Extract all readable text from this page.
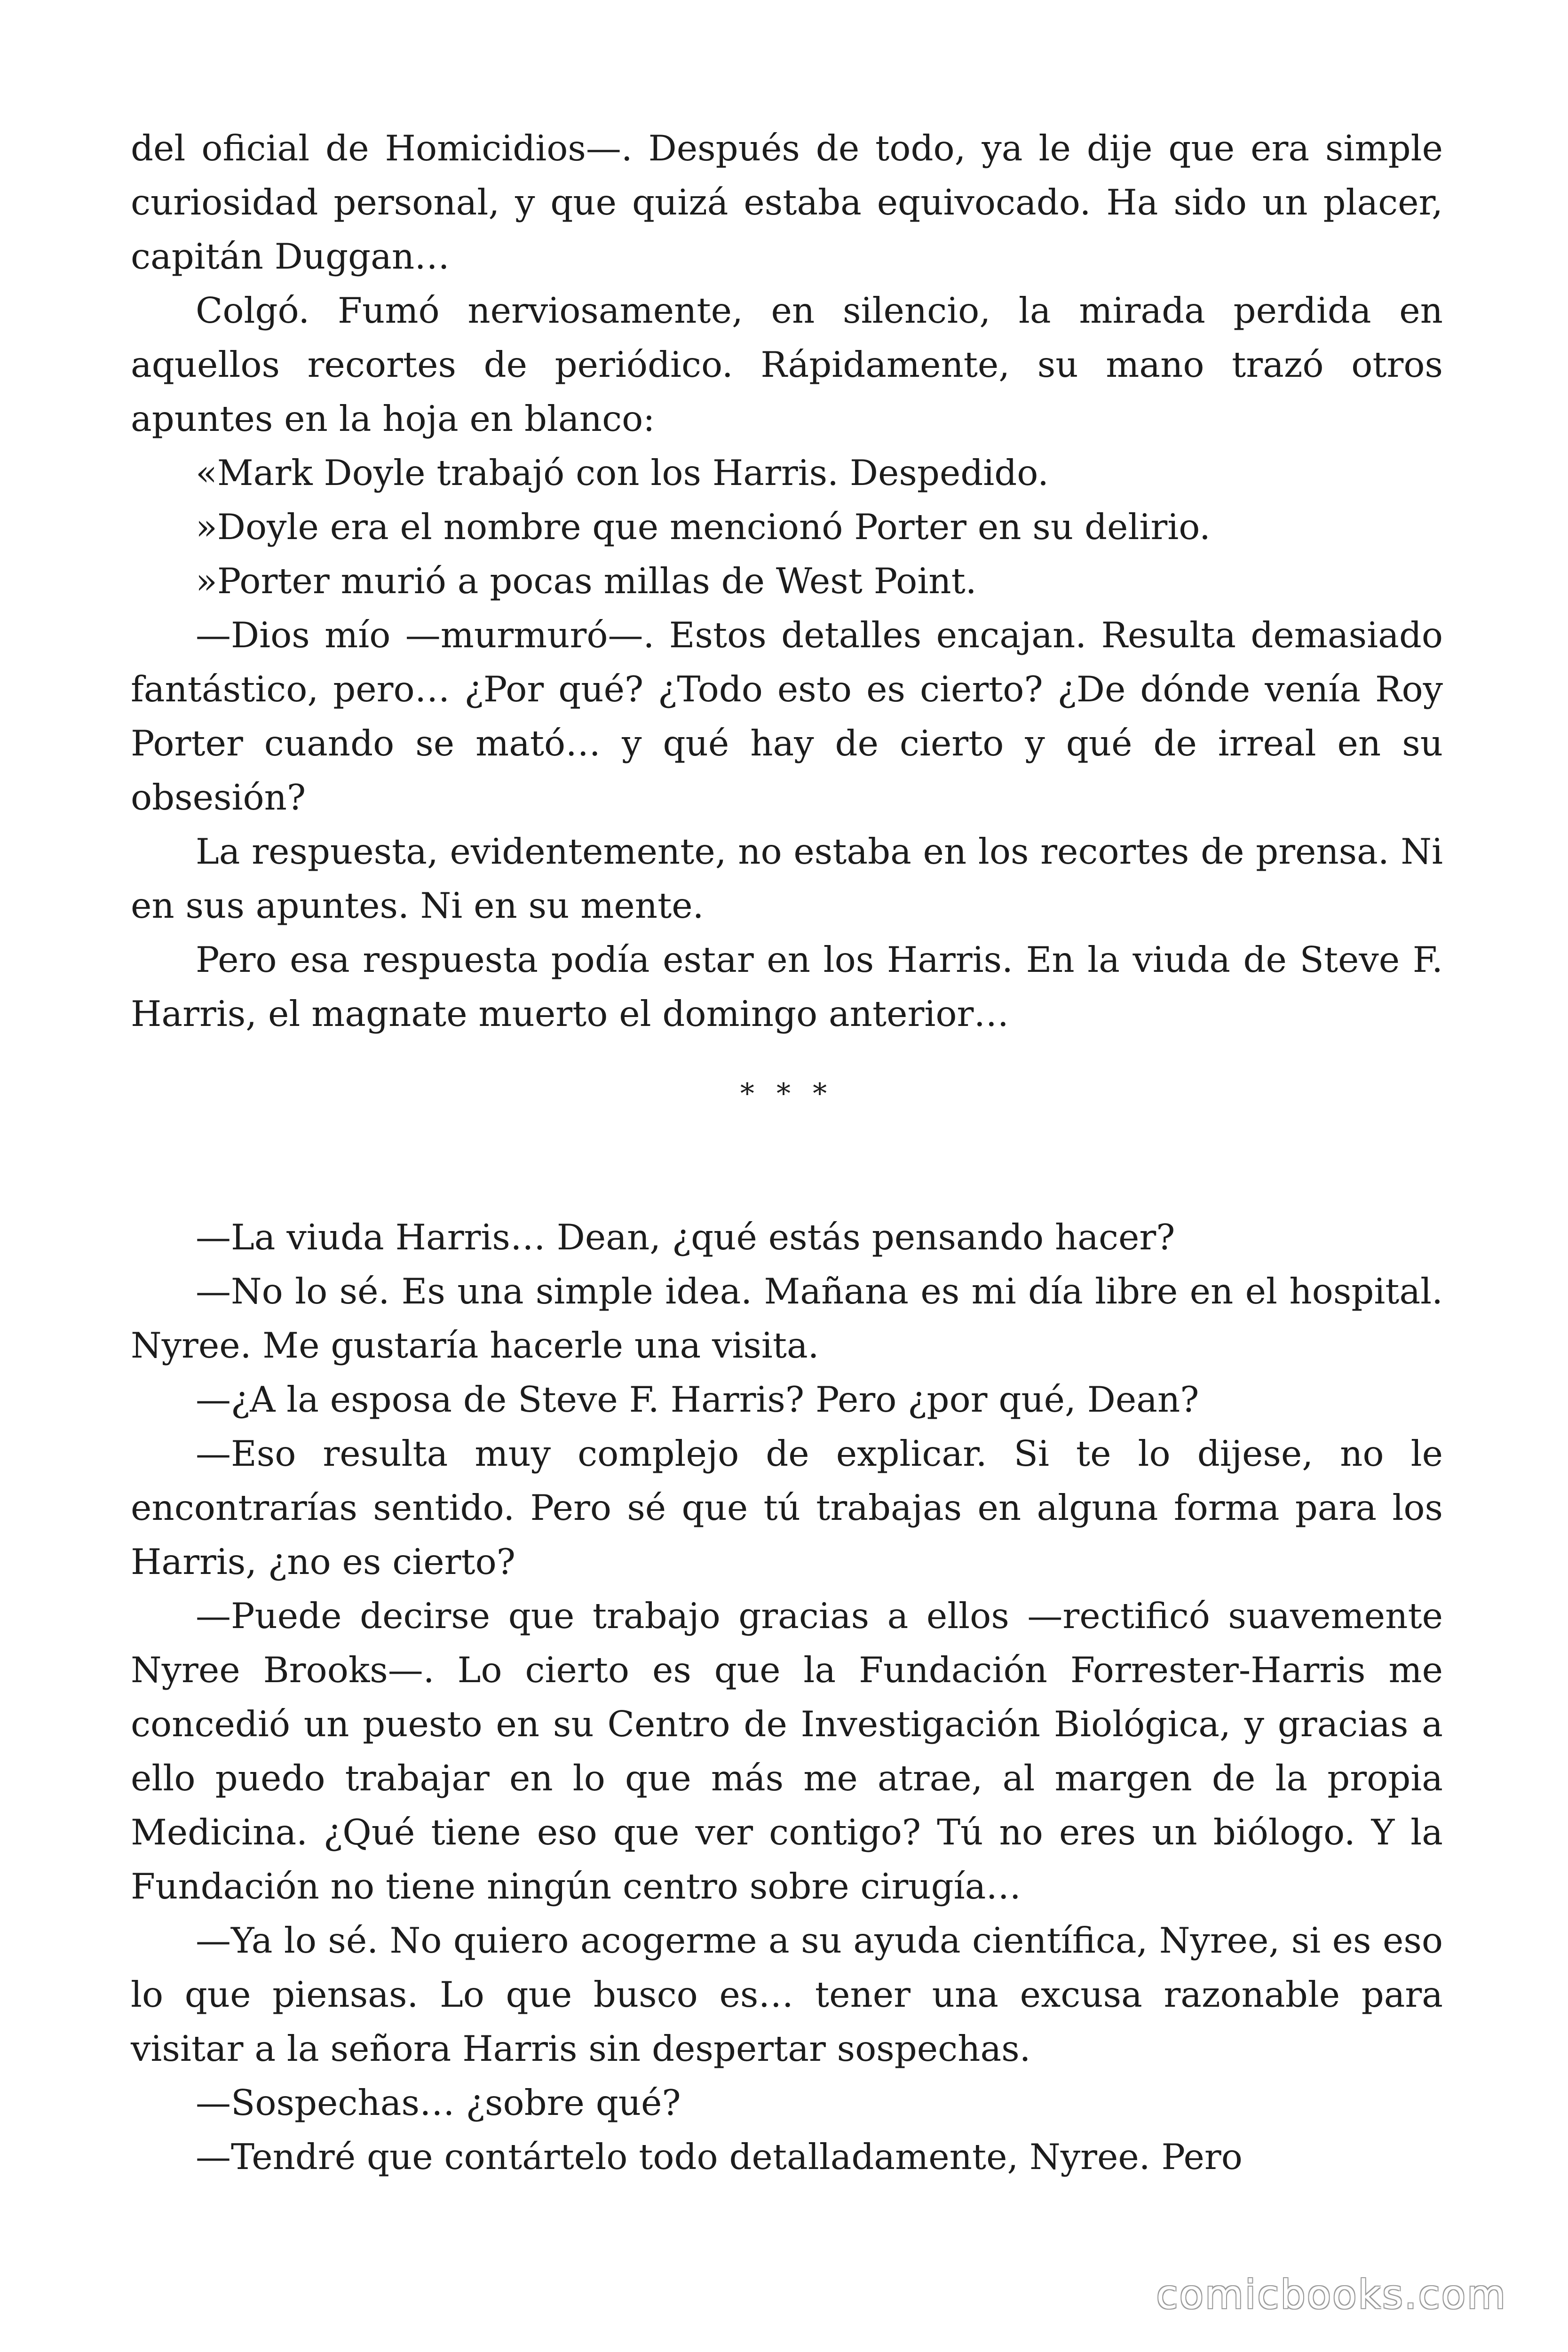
del oficial de Homicidios—. Después de todo, ya le dije que era simple curiosidad personal, y que quizá estaba equivocado. Ha sido un placer, capitán Duggan…

Colgó. Fumó nerviosamente, en silencio, la mirada perdida en aquellos recortes de periódico. Rápidamente, su mano trazó otros apuntes en la hoja en blanco:

«Mark Doyle trabajó con los Harris. Despedido.

»Doyle era el nombre que mencionó Porter en su delirio.

»Porter murió a pocas millas de West Point.

—Dios mío —murmuró—. Estos detalles encajan. Resulta demasiado fantástico, pero… ¿Por qué? ¿Todo esto es cierto? ¿De dónde venía Roy Porter cuando se mató… y qué hay de cierto y qué de irreal en su obsesión?

La respuesta, evidentemente, no estaba en los recortes de prensa. Ni en sus apuntes. Ni en su mente.

Pero esa respuesta podía estar en los Harris. En la viuda de Steve F. Harris, el magnate muerto el domingo anterior…

* * *

—La viuda Harris… Dean, ¿qué estás pensando hacer?

—No lo sé. Es una simple idea. Mañana es mi día libre en el hospital. Nyree. Me gustaría hacerle una visita.

—¿A la esposa de Steve F. Harris? Pero ¿por qué, Dean?

—Eso resulta muy complejo de explicar. Si te lo dijese, no le encontrarías sentido. Pero sé que tú trabajas en alguna forma para los Harris, ¿no es cierto?

—Puede decirse que trabajo gracias a ellos —rectificó suavemente Nyree Brooks—. Lo cierto es que la Fundación Forrester-Harris me concedió un puesto en su Centro de Investigación Biológica, y gracias a ello puedo trabajar en lo que más me atrae, al margen de la propia Medicina. ¿Qué tiene eso que ver contigo? Tú no eres un biólogo. Y la Fundación no tiene ningún centro sobre cirugía…

—Ya lo sé. No quiero acogerme a su ayuda científica, Nyree, si es eso lo que piensas. Lo que busco es… tener una excusa razonable para visitar a la señora Harris sin despertar sospechas.

—Sospechas… ¿sobre qué?

—Tendré que contártelo todo detalladamente, Nyree. Pero

comicbooks.com
